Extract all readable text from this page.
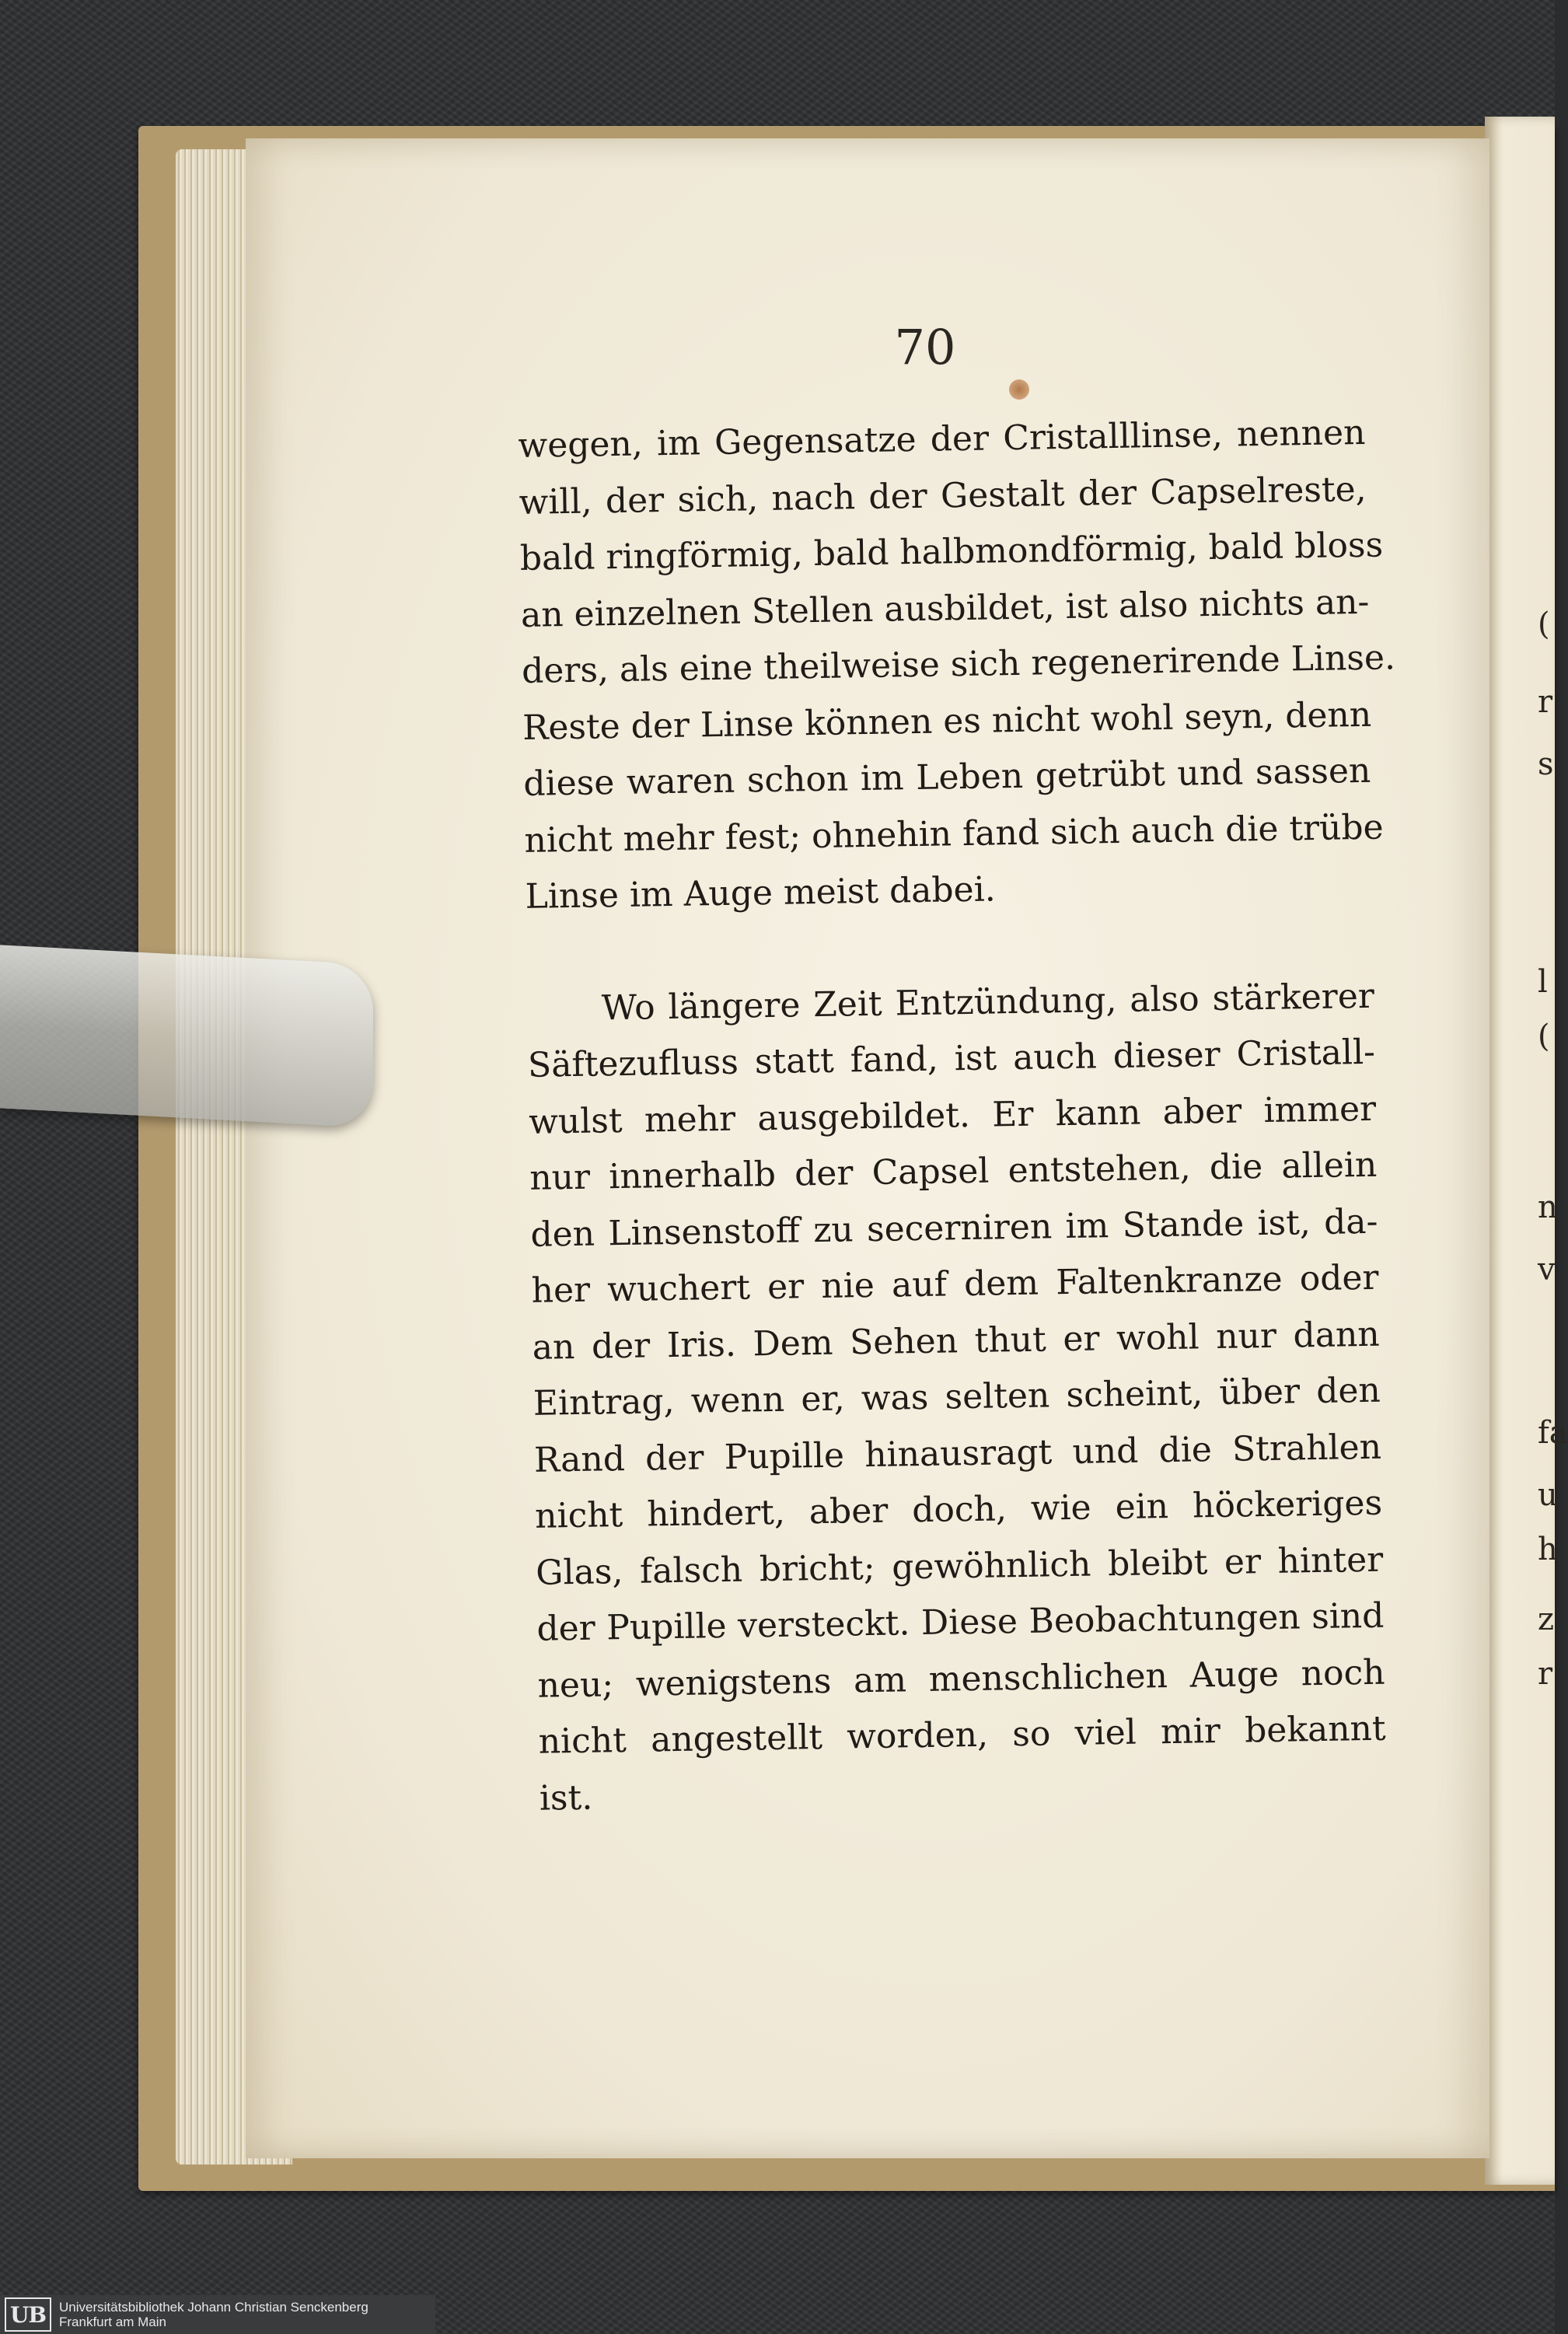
(
r
s
l
(
n
v
fa
u
h
z
r
70

wegen, im Gegensatze der Cristalllinse, nennen
will, der sich, nach der Gestalt der Capselreste,
bald ringförmig, bald halbmondförmig, bald bloss
an einzelnen Stellen ausbildet, ist also nichts an-
ders, als eine theilweise sich regenerirende Linse.
Reste der Linse können es nicht wohl seyn, denn
diese waren schon im Leben getrübt und sassen
nicht mehr fest; ohnehin fand sich auch die trübe
Linse im Auge meist dabei.

Wo längere Zeit Entzündung, also stärkerer
Säftezufluss statt fand, ist auch dieser Cristall-
wulst mehr ausgebildet. Er kann aber immer
nur innerhalb der Capsel entstehen, die allein
den Linsenstoff zu secerniren im Stande ist, da-
her wuchert er nie auf dem Faltenkranze oder
an der Iris. Dem Sehen thut er wohl nur dann
Eintrag, wenn er, was selten scheint, über den
Rand der Pupille hinausragt und die Strahlen
nicht hindert, aber doch, wie ein höckeriges
Glas, falsch bricht; gewöhnlich bleibt er hinter
der Pupille versteckt. Diese Beobachtungen sind
neu; wenigstens am menschlichen Auge noch
nicht angestellt worden, so viel mir bekannt
ist.

UB Universitätsbibliothek Johann Christian Senckenberg
Frankfurt am Main
